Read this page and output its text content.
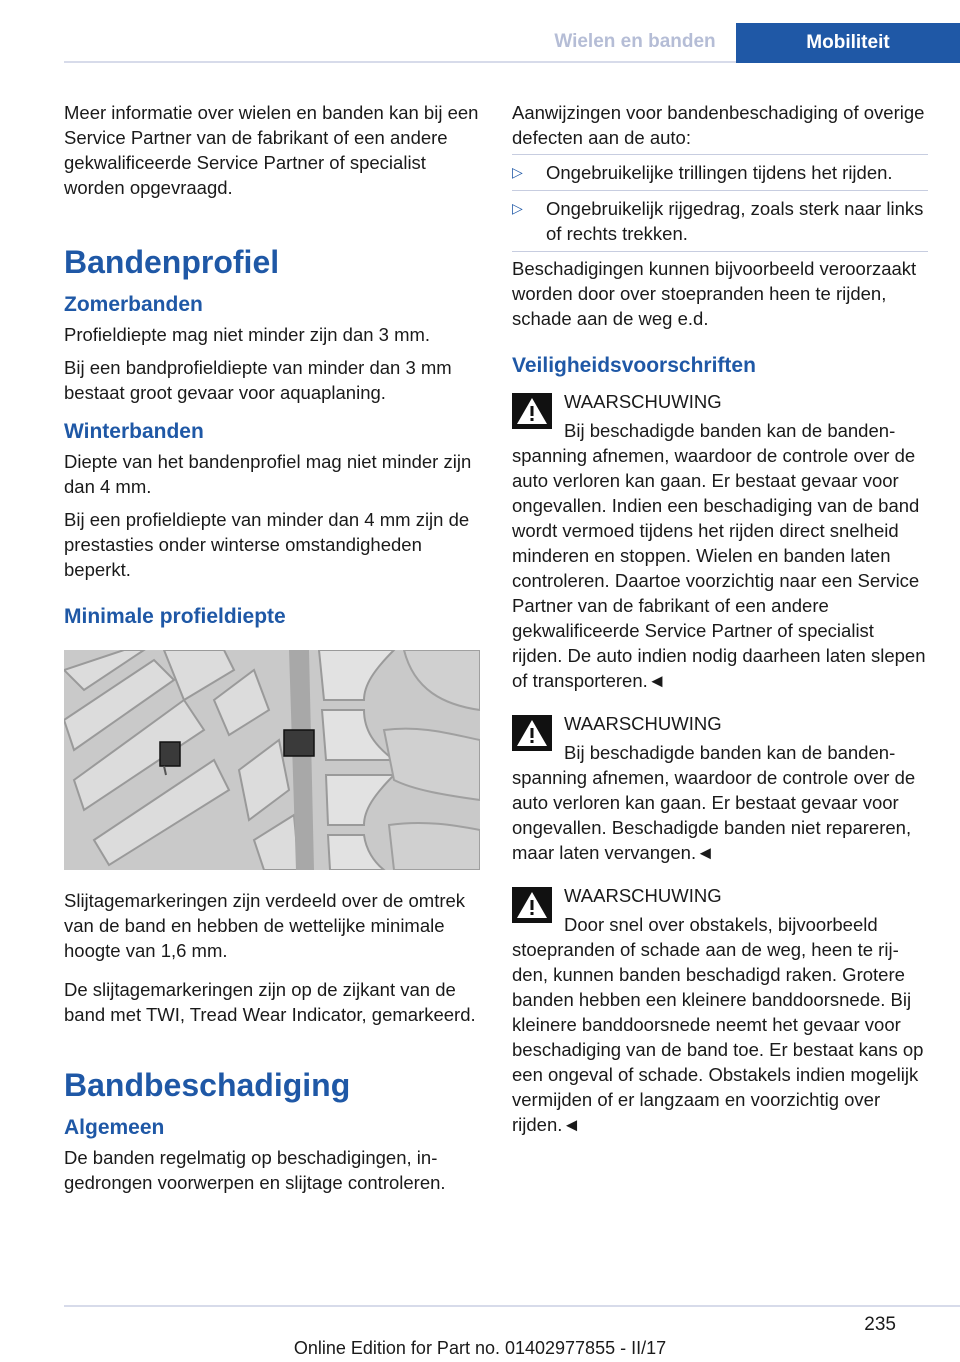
Wielen en banden	Mobiliteit

Meer informatie over wielen en banden kan bij een Service Partner van de fabrikant of een andere gekwalificeerde Service Partner of specialist worden opgevraagd.

Bandenprofiel
Zomerbanden

Profieldiepte mag niet minder zijn dan 3 mm.

Bij een bandprofieldiepte van minder dan 3 mm bestaat groot gevaar voor aquaplaning.

Winterbanden

Diepte van het bandenprofiel mag niet minder zijn dan 4 mm.

Bij een profieldiepte van minder dan 4 mm zijn de prestasties onder winterse omstandigheden beperkt.

Minimale profieldiepte

Slijtagemarkeringen zijn verdeeld over de omtrek van de band en hebben de wettelijke minimale hoogte van 1,6 mm.

De slijtagemarkeringen zijn op de zijkant van de band met TWI, Tread Wear Indicator, gemarkeerd.

Bandbeschadiging
Algemeen

De banden regelmatig op beschadigingen, ingedrongen voorwerpen en slijtage controleren.

Aanwijzingen voor bandenbeschadiging of overige defecten aan de auto:

▷	Ongebruikelijke trillingen tijdens het rijden.
▷	Ongebruikelijk rijgedrag, zoals sterk naar links of rechts trekken.

Beschadigingen kunnen bijvoorbeeld veroorzaakt worden door over stoepranden heen te rijden, schade aan de weg e.d.

Veiligheidsvoorschriften
WAARSCHUWING

Bij beschadigde banden kan de bandenspanning afnemen, waardoor de controle over de auto verloren kan gaan. Er bestaat gevaar voor ongevallen. Indien een beschadiging van de band wordt vermoed tijdens het rijden direct snelheid minderen en stoppen. Wielen en banden laten controleren. Daartoe voorzichtig naar een Service Partner van de fabrikant of een andere gekwalificeerde Service Partner of specialist rijden. De auto indien nodig daarheen laten slepen of transporteren.◄

WAARSCHUWING

Bij beschadigde banden kan de bandenspanning afnemen, waardoor de controle over de auto verloren kan gaan. Er bestaat gevaar voor ongevallen. Beschadigde banden niet repareren, maar laten vervangen.◄

WAARSCHUWING

Door snel over obstakels, bijvoorbeeld stoepranden of schade aan de weg, heen te rijden, kunnen banden beschadigd raken. Grotere banden hebben een kleinere banddoorsnede. Bij kleinere banddoorsnede neemt het gevaar voor beschadiging van de band toe. Er bestaat kans op een ongeval of schade. Obstakels indien mogelijk vermijden of er langzaam en voorzichtig over rijden.◄

235
Online Edition for Part no. 01402977855 - II/17
